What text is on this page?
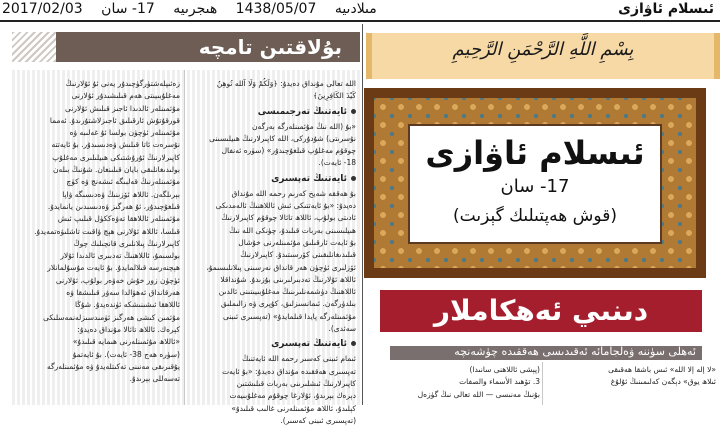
2017/02/03	مىلادىيە 1438/05/07 ھىجرىيە 17- سان	ئىسلام ئاۋازى
بۇلاقتىن تامچە
زەئىپلەشتۈرگۈچىدۇر يەنى ئۇ ئۇلارنىڭ
مەغلۇبىيىتى ھەم قىلىشىدۇر ئۇلارنى
مۇئمىنلەر ئالدىدا ئاجىز قىلىش ئۇلارنى
قورقۇتۇش ئارقىلىق ئاجىزلاشتۇرىدۇ. ئەمما
مۇئمىنلەر ئۈچۈن بولسا ئۇ غەلىبە ۋە
نۇسرەت ئاتا قىلىش ۋەدىسىدۇر. بۇ ئايەتتە
كاپىرلارنىڭ ئۇرۇشتىكى ھىيلىلىرى مەغلۇپ
بولىدىغانلىقى بايان قىلىنغان. شۇنىڭ بىلەن
مۇئمىنلەرنىڭ قەلبىگە ئىشەنچ ۋە كۈچ
بېرىلگەن. ئاللاھ ئۆزىنىڭ ۋەدىسىگە ۋاپا
قىلغۇچىدۇر، ئۇ ھەرگىز ۋەدىسىدىن يانمايدۇ.
مۇئمىنلەر ئاللاھقا تەۋەككۈل قىلىپ ئىش
قىلسا، ئاللاھ ئۇلارنى ھېچ ۋاقىت تاشلىۋەتمەيدۇ.
كاپىرلارنىڭ پىلانلىرى قانچىلىك چوڭ
بولسىمۇ، ئاللاھنىڭ تەدبىرى ئالدىدا ئۇلار
ھېچنەرسە قىلالمايدۇ. بۇ ئايەت مۇسۇلمانلار
ئۈچۈن زور خۇش خەۋەر بولۇپ، ئۇلارنى
ھەرقانداق ئەھۋالدا سەۋر قىلىشقا ۋە
ئاللاھقا ئىشىنىشكە ئۈندەيدۇ. شۇڭا
مۇئمىن كىشى ھەرگىز ئۈمىدسىزلەنمەسلىكى
كېرەك. ئاللاھ تائالا مۇنداق دەيدۇ:
«ئاللاھ مۇئمىنلەرنى ھىمايە قىلىدۇ»
(سۈرە ھەج 38- ئايەت). بۇ ئايەتمۇ
يۇقىرىقى مەنىنى تەكىتلەيدۇ ۋە مۇئمىنلەرگە
تەسەللى بېرىدۇ.
الله تعالى مۇنداق دەيدۇ: ﴿وَلَكُمْ وَلَا آلله تُوهِنُ
كَيْدَ الكَافِرِينَ﴾
ئايەتنىڭ تەرجىمىسى
«بۇ (الله نىڭ مۇئمىنلەرگە بەرگەن
نۇسرىتى) شۇدۇركى، الله كاپىرلارنىڭ ھىيلىسىنى
چوقۇم مەغلۇپ قىلغۇچىدۇر» (سۈرە ئەنفال
18- ئايەت).
ئايەتنىڭ تەپسىرى
بۇ ھەققە شەيخ كەرىم رحمه الله مۇنداق
دەيدۇ: «بۇ ئايەتتىكى ئىش ئاللاھنىڭ ئالەمدىكى
ئادىتى بولۇپ، ئاللاھ تائالا چوقۇم كاپىرلارنىڭ
ھىيلىسىنى بەربات قىلىدۇ، چۈنكى الله نىڭ
بۇ ئايەت ئارقىلىق مۇئمىنلەرنى خۇشال
قىلىدىغانلىقىنى كۆرسىتىدۇ. كاپىرلارنىڭ
ئۆزلىرى ئۈچۈن ھەر قانداق نەرسىنى پىلانلىسىمۇ،
ئاللاھ ئۇلارنىڭ تەدبىرلىرىنى بۇزىدۇ. شۇنداقلا
ئاللاھنىڭ دۈشمەنلىرىنىڭ مەغلۇبىيىتىنى ئالدىن
بىلدۈرگەن. ئىمانسىزلىق، كۇپرى ۋە زالىملىق
مۇئمىنلەرگە پايدا قىلمايدۇ» (تەپسىرى ئىبنى
سەئدى).
ئايەتنىڭ تەپسىرى
ئىمام ئىبنى كەسىر رحمه الله ئايەتنىڭ
تەپسىرى ھەققىدە مۇنداق دەيدۇ: «بۇ ئايەت
كاپىرلارنىڭ ئىشلىرىنى بەربات قىلىشتىن
دېرەك بېرىدۇ، ئۇلارغا چوقۇم مەغلۇبىيەت
كېلىدۇ، ئاللاھ مۇئمىنلەرنى غالىب قىلىدۇ»
(تەپسىرى ئىبنى كەسىر).
بِسْمِ اللَّهِ الرَّحْمَنِ الرَّحِيمِ
ئىسلام ئاۋازى
17- سان
(قوش ھەپتىلىك گېزىت)
دىنىي ئەھكاملار
ئەھلى سۈننە ۋەلجامائە ئەقىدىسى ھەققىدە چۈشەنچە
(پېشى ئاللاھنى سانىدا)
3. تۆھىد الأسماء والصفات
بۇنىڭ مەنىسى — الله تعالى نىڭ گۈزەل
«لا إله إلا الله» ئىس باشقا ھەقىقى
ئىلاھ يوق» دېگەن كەلىمىنىڭ ئۇلۇغ
